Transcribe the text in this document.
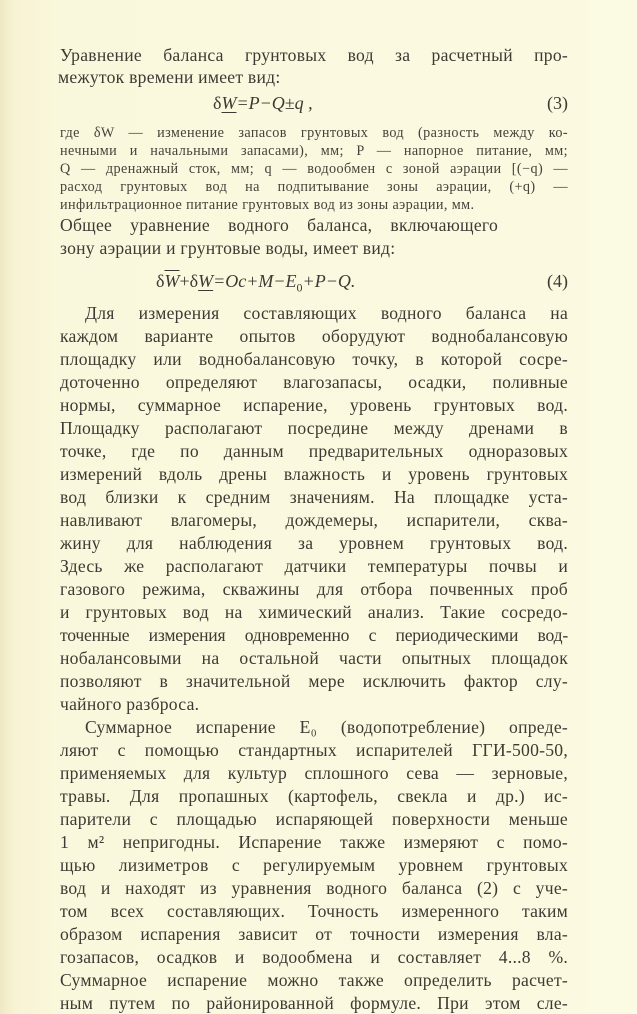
Уравнение баланса грунтовых вод за расчетный про-
межуток времени имеет вид:
δW=P−Q±q ,	(3)
где δW — изменение запасов грунтовых вод (разность между ко-
нечными и начальными запасами), мм; P — напорное питание, мм;
Q — дренажный сток, мм; q — водообмен с зоной аэрации [(−q) —
расход грунтовых вод на подпитывание зоны аэрации, (+q) —
инфильтрационное питание грунтовых вод из зоны аэрации, мм.
Общее уравнение водного баланса, включающего
зону аэрации и грунтовые воды, имеет вид:
$\delta\overline{W}+\delta W=Oc+M-E_0+P-Q$.	(4)
Для измерения составляющих водного баланса на
каждом варианте опытов оборудуют воднобалансовую
площадку или воднобалансовую точку, в которой сосре-
доточенно определяют влагозапасы, осадки, поливные
нормы, суммарное испарение, уровень грунтовых вод.
Площадку располагают посредине между дренами в
точке, где по данным предварительных одноразовых
измерений вдоль дрены влажность и уровень грунтовых
вод близки к средним значениям. На площадке уста-
навливают влагомеры, дождемеры, испарители, сква-
жину для наблюдения за уровнем грунтовых вод.
Здесь же располагают датчики температуры почвы и
газового режима, скважины для отбора почвенных проб
и грунтовых вод на химический анализ. Такие сосредо-
точенные измерения одновременно с периодическими вод-
нобалансовыми на остальной части опытных площадок
позволяют в значительной мере исключить фактор слу-
чайного разброса.
Суммарное испарение E₀ (водопотребление) опреде-
ляют с помощью стандартных испарителей ГГИ-500-50,
применяемых для культур сплошного сева — зерновые,
травы. Для пропашных (картофель, свекла и др.) ис-
парители с площадью испаряющей поверхности меньше
1 м² непригодны. Испарение также измеряют с помо-
щью лизиметров с регулируемым уровнем грунтовых
вод и находят из уравнения водного баланса (2) с уче-
том всех составляющих. Точность измеренного таким
образом испарения зависит от точности измерения вла-
гозапасов, осадков и водообмена и составляет 4...8 %.
Суммарное испарение можно также определить расчет-
ным путем по районированной формуле. При этом сле-
